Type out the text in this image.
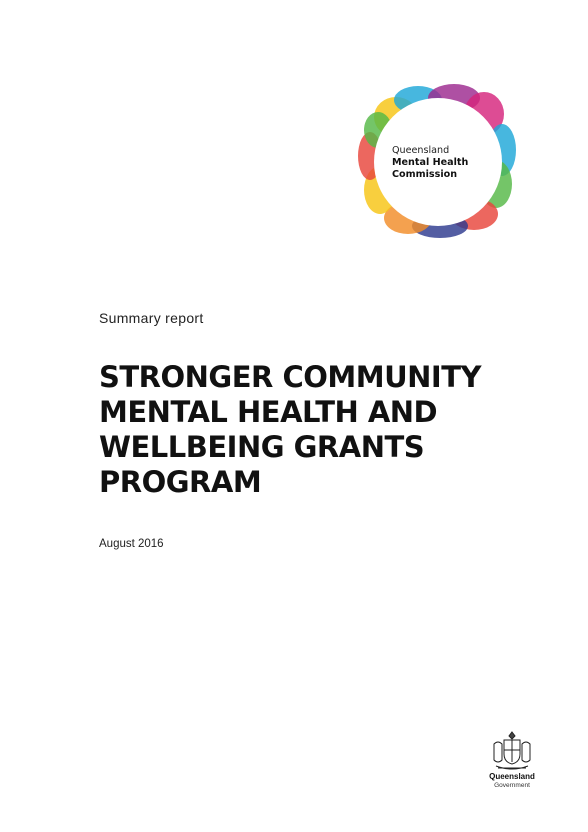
Queensland
Mental Health
Commission
Summary report
STRONGER COMMUNITY
MENTAL HEALTH AND
WELLBEING GRANTS
PROGRAM
August 2016
Queensland
Government
